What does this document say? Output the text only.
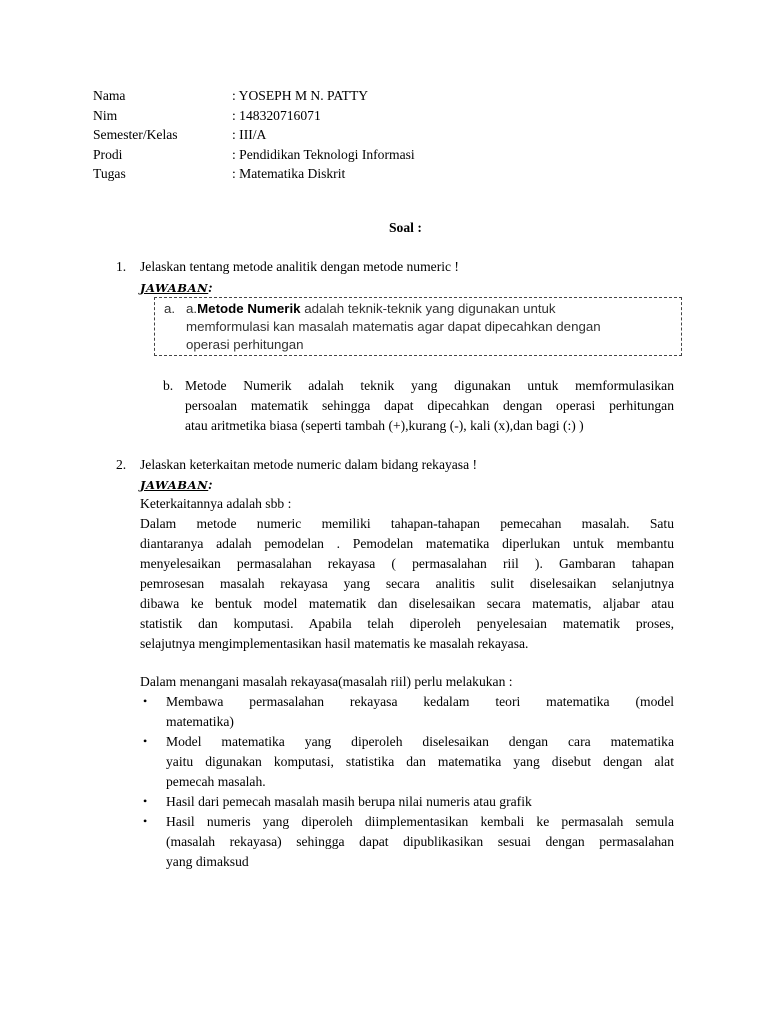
Nama	: YOSEPH M N. PATTY
Nim	: 148320716071
Semester/Kelas	: III/A
Prodi	: Pendidikan Teknologi Informasi
Tugas	: Matematika Diskrit
Soal :
1. Jelaskan tentang metode analitik dengan metode numeric !
JAWABAN:
a. a.Metode Numerik adalah teknik-teknik yang digunakan untuk
memformulasi kan masalah matematis agar dapat dipecahkan dengan
operasi perhitungan
b. Metode Numerik adalah teknik yang digunakan untuk memformulasikan
persoalan matematik sehingga dapat dipecahkan dengan operasi perhitungan
atau aritmetika biasa (seperti tambah (+),kurang (-), kali (x),dan bagi (:) )
2. Jelaskan keterkaitan metode numeric dalam bidang rekayasa !
JAWABAN:
Keterkaitannya adalah sbb :
Dalam metode numeric memiliki tahapan-tahapan pemecahan masalah. Satu
diantaranya adalah pemodelan . Pemodelan matematika diperlukan untuk membantu
menyelesaikan permasalahan rekayasa ( permasalahan riil ). Gambaran tahapan
pemrosesan masalah rekayasa yang secara analitis sulit diselesaikan selanjutnya
dibawa ke bentuk model matematik dan diselesaikan secara matematis, aljabar atau
statistik dan komputasi. Apabila telah diperoleh penyelesaian matematik proses,
selajutnya mengimplementasikan hasil matematis ke masalah rekayasa.
Dalam menangani masalah rekayasa(masalah riil) perlu melakukan :
• Membawa permasalahan rekayasa kedalam teori matematika (model
matematika)
• Model matematika yang diperoleh diselesaikan dengan cara matematika
yaitu digunakan komputasi, statistika dan matematika yang disebut dengan alat
pemecah masalah.
• Hasil dari pemecah masalah masih berupa nilai numeris atau grafik
• Hasil numeris yang diperoleh diimplementasikan kembali ke permasalah semula
(masalah rekayasa) sehingga dapat dipublikasikan sesuai dengan permasalahan
yang dimaksud
